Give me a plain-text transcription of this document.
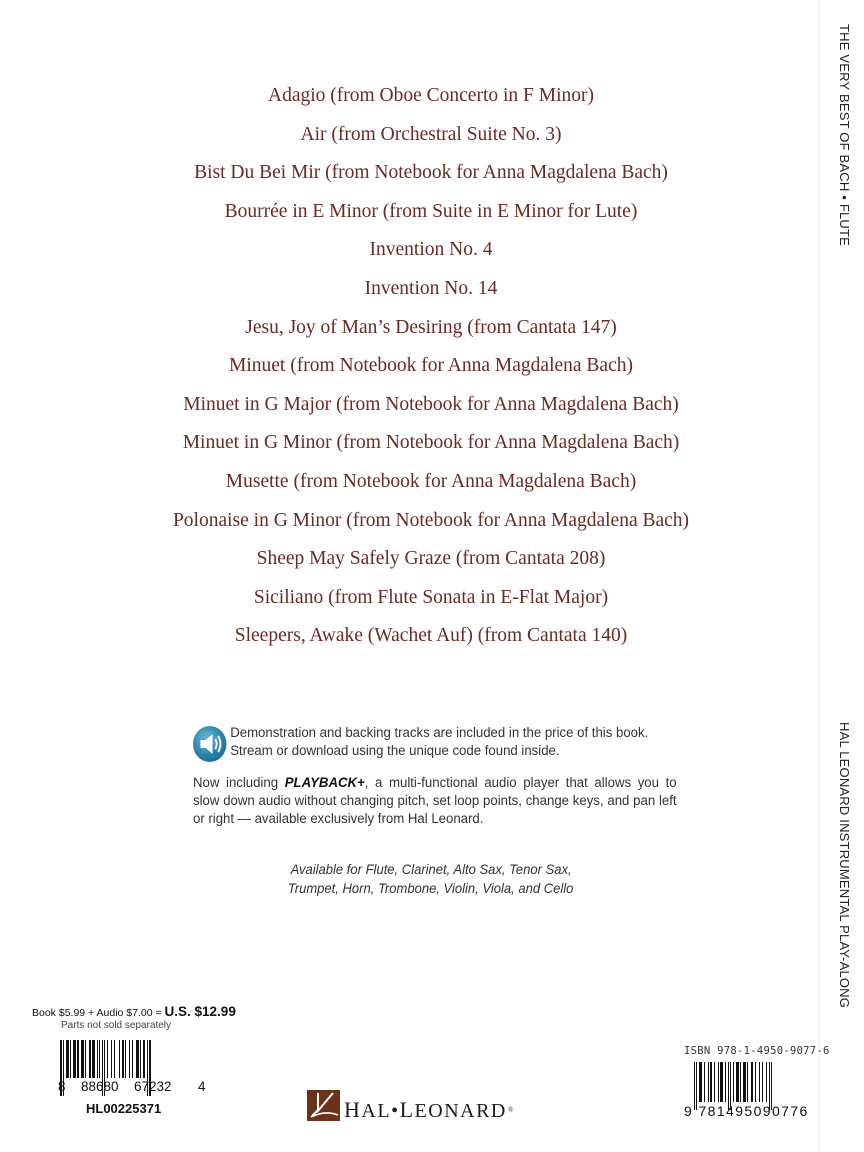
Adagio (from Oboe Concerto in F Minor)
Air (from Orchestral Suite No. 3)
Bist Du Bei Mir (from Notebook for Anna Magdalena Bach)
Bourrée in E Minor (from Suite in E Minor for Lute)
Invention No. 4
Invention No. 14
Jesu, Joy of Man’s Desiring (from Cantata 147)
Minuet (from Notebook for Anna Magdalena Bach)
Minuet in G Major (from Notebook for Anna Magdalena Bach)
Minuet in G Minor (from Notebook for Anna Magdalena Bach)
Musette (from Notebook for Anna Magdalena Bach)
Polonaise in G Minor (from Notebook for Anna Magdalena Bach)
Sheep May Safely Graze (from Cantata 208)
Siciliano (from Flute Sonata in E-Flat Major)
Sleepers, Awake (Wachet Auf) (from Cantata 140)
THE VERY BEST OF BACH • FLUTE
HAL LEONARD INSTRUMENTAL PLAY-ALONG
Demonstration and backing tracks are included in the price of this book.
Stream or download using the unique code found inside.
Now including PLAYBACK+, a multi-functional audio player that allows you to slow down audio without changing pitch, set loop points, change keys, and pan left or right — available exclusively from Hal Leonard.
Available for Flute, Clarinet, Alto Sax, Tenor Sax,
Trumpet, Horn, Trombone, Violin, Viola, and Cello
Book $5.99 + Audio $7.00 = U.S. $12.99
Parts not sold separately
8 88680 67232 4
HL00225371	HAL•LEONARD®
ISBN 978-1-4950-9077-6
9 781495090776
